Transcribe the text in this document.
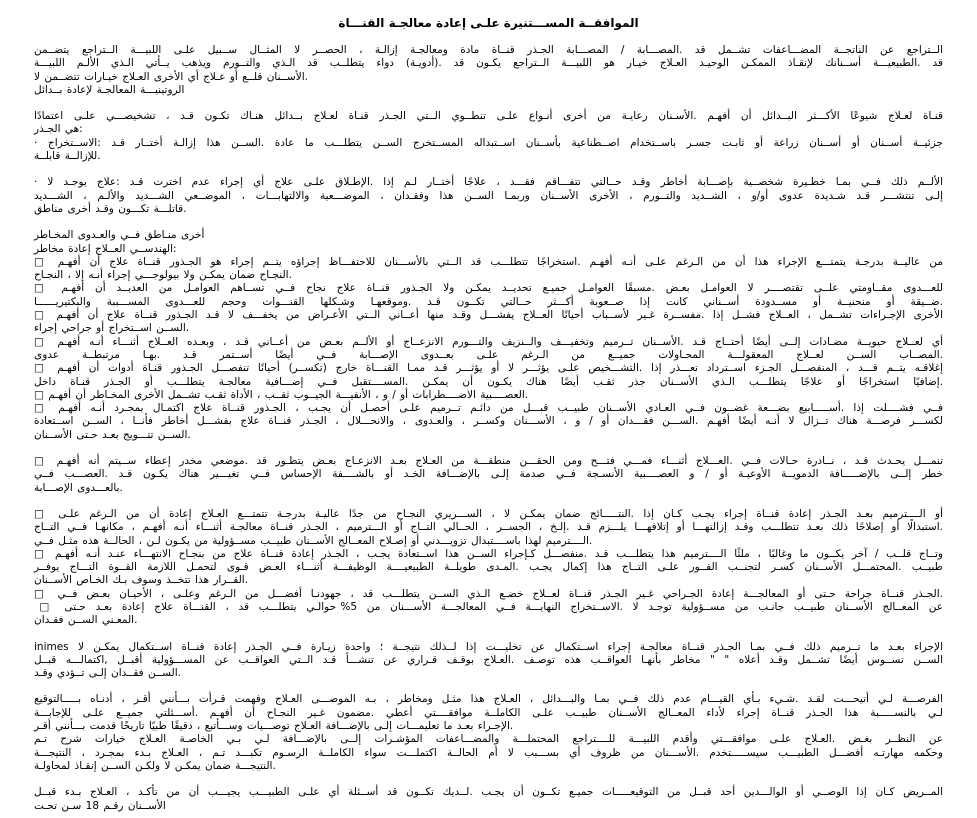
الموافقــة المســـتنيرة علـى إعادة معالجـة القنـــاة
الــتراجع عن الناتجــة المضـــاعفات تشــمل قد .المصـــابة / المصـــابة الجـذر قنــاة مادة ومعالجـة إزالـة ، الحصــر لا المثــال ســبيل علـى اللبيـــة الــتراجع يتضــمن
قد .الطبيعيـــة أســنانك لإنقـاذ الممكـن الوحيـد العـلاج خيـار هو اللبيـــة الــتراجع يكـون قد .(أدويـة) دواء يتطلــب قد الـذي والتــورم ويذهب يــأتي الـذي الألـم اللبيـــة
.الأســنان قلــع أو عـلاج أي الأخرى العـلاج خيـارات تتضــمن لا
الروتينيـــة المعالجـة لإعادة بــدائل
قنـاة لعـلاج شيوعًا الأكـــثر البــدائل أن أفهـم .الأسـنان رعايـة من أخرى أنـواع علـى تنطــوي الــتي الجـذر قنـاة لعـلاج بــدائل هنـاك تكـون قـد ، تشخيصـــي علـى اعتمادًا
:هي الجـذر
جزئيــة أســنان أو أســنان زراعة أو ثابـت جسـر باســتخدام اصــطناعية بأســنان اســتبداله المســتخرج الســن يتطلـــب ما عادة .الســن هذا إزالـة أختــار قـد :الاســتخراج ·
.للإزالــة قابلــة
الألــم ذلك فــي بمـا خطـيرة شخصــية بإصـــابة أخاطر وقـد حــالتي تتفـــاقم فقـــد ، علاجًا أختــار لـم إذا .الإطـلاق علـى علاج أي إجراء عدم اخترت قـد :علاج يوجـد لا ·
إلـى تنتشـــر قـد شـديدة عدوى أو/و ، الشــديد والتــورم ، الأخرى الأســنان وربمـا الســن هذا وفقـدان ، الموضـــعية والالتهابـــات ، الموضــعي الشـــديد والألـم ، الشـــديد
.قاتلـــة تكـــون وقـد أخرى مناطق
أخرى منـاطق فــي والعـدوى المخـاطر
:الهندســي العــلاج إعادة مخاطر
من عاليــة بدرجـة يتمتـــع الإجراء هذا أن من الـرغم علـى أنـه أفهـم .استخراجًا تتطلـــب قد الــتي بالأســـنان للاحتفـــاظ إجراؤه يتــم إجراء هو الجـذور قنــاة علاج أن أفهـم □
.النجـاح ضمان يمكـن ولا بيولوجـــي إجراء أنـه إلا ، النجـاح
للعـــدوى مقــاومتي علــى تقتصــــر لا العوامـل بعـض .مسبقًا العوامـل جميـع تحديــد يمكـن ولا الجـذور قنــاة علاج نجاح فــي تســاهم العوامـل من العديــد أن أفهـم □
.ضــيقة أو منحنيــة أو مســدودة أســناني كانت إذا صــعوبة أكـــثر حــالتي تكــون قـد .وموقعهـا وشـكلها القنـــوات وحجم للعـــدوى المســـببة والبكتيريــــــا
الأخرى الإجـراءات تشــمل ، العــلاج فشــل إذا .مفســرة غـير لأســباب أحيانًا العــلاج يفشـــل وقـد منها أعــاني الــتي الأعـراض من يخفـــف لا قـد الجـذور قنــاة علاج أن أفهـم □
.الســن اســتخراج أو جراحي إجراء
أي لعــلاج حيويــة مضـادات إلــى أيضًا أحتــاج قـد .الأســنان تــرميم وتخفيـــف والــنزيف والتـــورم الانزعــاج أو الألــم بعـض من أعــاني قـد ، وبعـده العــلاج أثنـــاء أنـه أفهـم □
.المصــاب الســن لعــلاج المعقولـــة المحـاولات جميــع من الـرغم علـى بعــدوى الإصـــابة فــي أيضًا أســتمر قـد .بهـا مرتبطــة عدوى
إغلاقـه يتــم قـــد ، المنفصـــل الجـزء اســترداد تعـــذر إذا .التشـــخيص علـى يؤثـــر لا أو يؤثـــر قـد ممـا القنـــاة خارج (تكســر) أحيانًا تنفصـــل الجـذور قنـاة أدوات أن أفهـم □
.إضافيًا استخراجًا أو علاجًا يتطلـــب الـذي الأســنان جذر ثقـب أيضًا هناك يكـون أن يمكـن .المســــتقبل فــي إضـــافية معالجـة يتطلـــب أو الجـذر قنـاة داخل
.العصــــبية الاضــــطرابات أو / و ، الأنفيـــة الجيــوب ثقــب ، الأداة ثقـب تشــمل الأخرى المخـاطر أن أفهـم □
فــي فشــــلت إذا .أســـــابيع بضـــعة غضــون فــي العـادي الأســنان طبيــب قبـــل من دائـم تــرميم علـى أحصـل أن يجـب ، الجـذور قنــاة علاج اكتمـال بمجـرد أنـه أفهـم □
لكســـر فرصـــة هناك تــزال لا أنـه أيضًا أفهـم .الســـن فقـــدان أو / و ، الأســـنان وكســر ، والعـدوى ، والانحـــلال ، الجـذر قنــاة علاج بفشـــل أخاطر فأنــا ، الســن اســتعادة
.الســن تتـــويج بعـد حـتى الأســنان
تنمـــل يحـدث قـد ، نــادرة حـالات فــي .العـــلاج أثنـــاء فمـــي فتـــح ومن الحقـــن منطقـــة من العـلاج بعـد الانزعـاج بعـض يتطـور قد .موضعي مخدر إعطاء ســيتم أنه أفهـم □
خطر إلــى بالإضـــــافة الدمويــة الأوعيـة أو / و العصــــبية الأنسـجة فــي صدمة إلـى بالإضـــافة الخـد أو بالشــــفة الإحساس فــي تغيـــير هناك يكـون قـد .العصـــب فــي
.بالعـــدوى الإصـــابة
أو الــــترميم بعـد الجـذر إعادة قنــاة إجراء يجـب كـان إذا .النتـــــائج ضمان يمكـن لا ، الســـريري النجـاح من جدًا عاليـة بدرجـة تتمتـــع العـلاج إعادة أن من الـرغم علـى □
.استبدالًا أو إصلاحًا ذلك بعـد تتطلـــب وقـد إزالتهـــا أو إتلافهـــا يلـــزم قـد .إلـخ ، الجســر ، الحــالي التــاج أو الـــترميم ، الجـذر قنــاة معالجـة أثنـــاء أنـه أفهـم ، مكانهـا فــي التــاج
.الــــترميم لهذا باســــتبدال تزويـــدني أو إصـلاح المعــالج الأســنان طبيــب مســؤولية من يكـون لـن ، الحالــة هذه مثـل فــي
وتــاج قلــب / آخر يكــون ما وغالبًا ، ملئًا الــــترميم هذا يتطلـــب قـد .منفصـــل كـإجراء الســن هذا اســتعادة يجـب ، الجـذر إعادة قنــاة علاج من بنجـاح الانتهـــاء عنـد أنـه أفهـم □
طبيــب .المحتمـــل الأســنان كسـر لتجنــب الفــور علـى التــاج هذا إكمال يجـب .المـدى طويلــة الطبيعيــــة الوظيفـــة أثنـــاء العـض قـوى لتحمـل اللازمة القــوة التـــاج يوفــر
.القــرار هذا تتخــذ وسوف بـك الخـاص الأســنان
.الجـذر قنــاة جراحة حـتى أو المعالجـــة إعادة الجـراحي غـير الجـذر قنــاة لعــلاج خضـع الـذي الســن يتطلـــب قد ، جهودنـا أفضـــل من الـرغم وعلـى ، الأحيـان بعـض فــي □
عن المعــالج الأســنان طبيــب جانـب من مســؤولية توجـد لا .الاســتخراج النهايـــة فــي المعالجـــة الأســـنان من 5% حوالـي يتطلـــب قد ، القنـــاة علاج إعادة بعـد حـتى □
.المعـني الســن فقـدان
الإجراء بعـد ما تــرميم ذلك فــي بمـا الجـذر قنــاة معالجـة إجراء اســتكمال عن تخليـــت إذا لــذلك نتيجــة ؛ واحدة زيـارة فــي الجـذر إعادة قنــاة اســتكمال يمكـن لا inimes
الســن تســوس أيضًا تشــمل وقـد أعلاه " " مخاطر بأنهـا العواقــب هذه توصـف .العـلاج بوقـف قـراري عن تنشـــأ قـد الــتي العواقــب عن المســـؤولية أقبــل ,اكتمالـــه قبــل
.الســن فقــدان إلـى تــؤدي وقـد
الفرصـــة لـي أتيحـــت لقـد .شـيء بـأي القيـــام عدم ذلك فــي بمـا والبـــدائل ، العـلاج هذا مثـل ومخاطر ، بـه الموصـــى العـلاج وفهمت قـرأت بـــأنني أقـر ، أدنـاه بـــــالتوقيع
لـي بالنســـــبة هذا الجـذر قنــاة إجراء لأداء المعــالج الأســنان طبيــب علـى الكاملــة موافقــــتي أعطي .مضمون غـير النجـاح أن أفهـم .أســـئلتي جميــع علـى للإجابـــة
.الإجـراء بعـد ما تعليمـــات إلـى بالإضـــافة العـلاج توصـــيات وســـأتبع ، دقيقًا طبيًا تاريخًا قدمت بـــأنني أقـر
عن النظــر بغـض .العـلاج علـى موافقـــتي وأقدم اللبيـــة للــــتراجع المحتملـــة والمضـــاعفات المؤشـرات إلــى بالإضـــافة لـي بـي الخاصـة العـلاج خيارات شرح تـم
وحكمه مهارتـه أفضـــل الطبيـــب سيســـــتخدم .الأســـنان من ظروف أي بســـبب لا أم الحالــة اكتملـــت سواء الكاملــة الرسـوم تكبـــد تـم ، العـلاج بـدء بمجـرد ، النتيجـــة
.النتيجـــة ضمان يمكـن لا ولكـن الســن إنقـاذ لمحاولـة
المــريض كـان إذا الوصــي أو الوالـــدين أحد قبــل من التوقيعـــــات جميـع تكــون أن يجـب .لــديك تكــون قد أســئلة أي علـى الطبيـــب يجيـــب أن من تأكـد ، العـلاج بـدء قبــل
الأســنان رقـم 18 سـن تحـت
